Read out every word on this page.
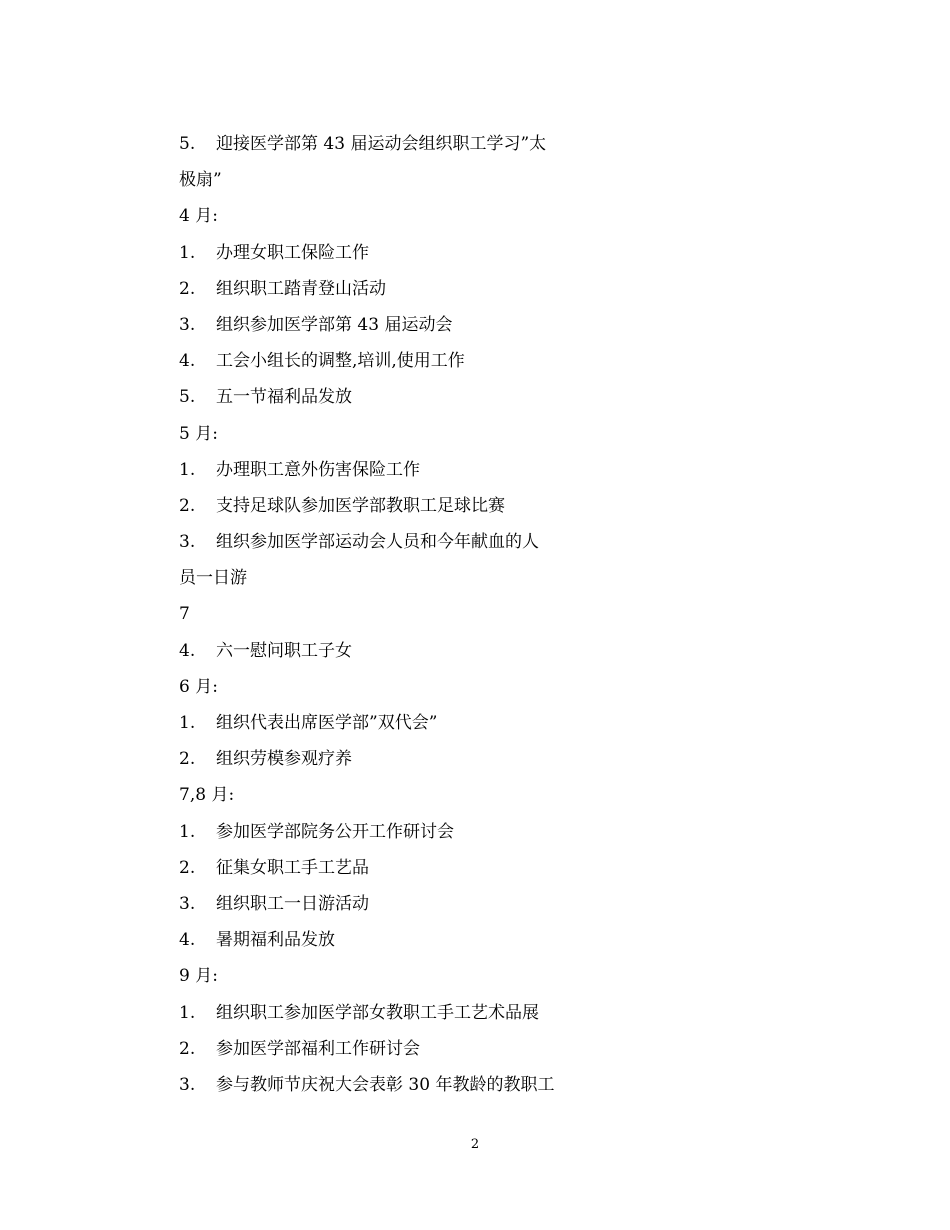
5. 迎接医学部第 43 届运动会组织职工学习”太
极扇”
4 月:
1. 办理女职工保险工作
2. 组织职工踏青登山活动
3. 组织参加医学部第 43 届运动会
4. 工会小组长的调整,培训,使用工作
5. 五一节福利品发放
5 月:
1. 办理职工意外伤害保险工作
2. 支持足球队参加医学部教职工足球比赛
3. 组织参加医学部运动会人员和今年献血的人
员一日游
7
4. 六一慰问职工子女
6 月:
1. 组织代表出席医学部”双代会”
2. 组织劳模参观疗养
7,8 月:
1. 参加医学部院务公开工作研讨会
2. 征集女职工手工艺品
3. 组织职工一日游活动
4. 暑期福利品发放
9 月:
1. 组织职工参加医学部女教职工手工艺术品展
2. 参加医学部福利工作研讨会
3. 参与教师节庆祝大会表彰 30 年教龄的教职工
2
